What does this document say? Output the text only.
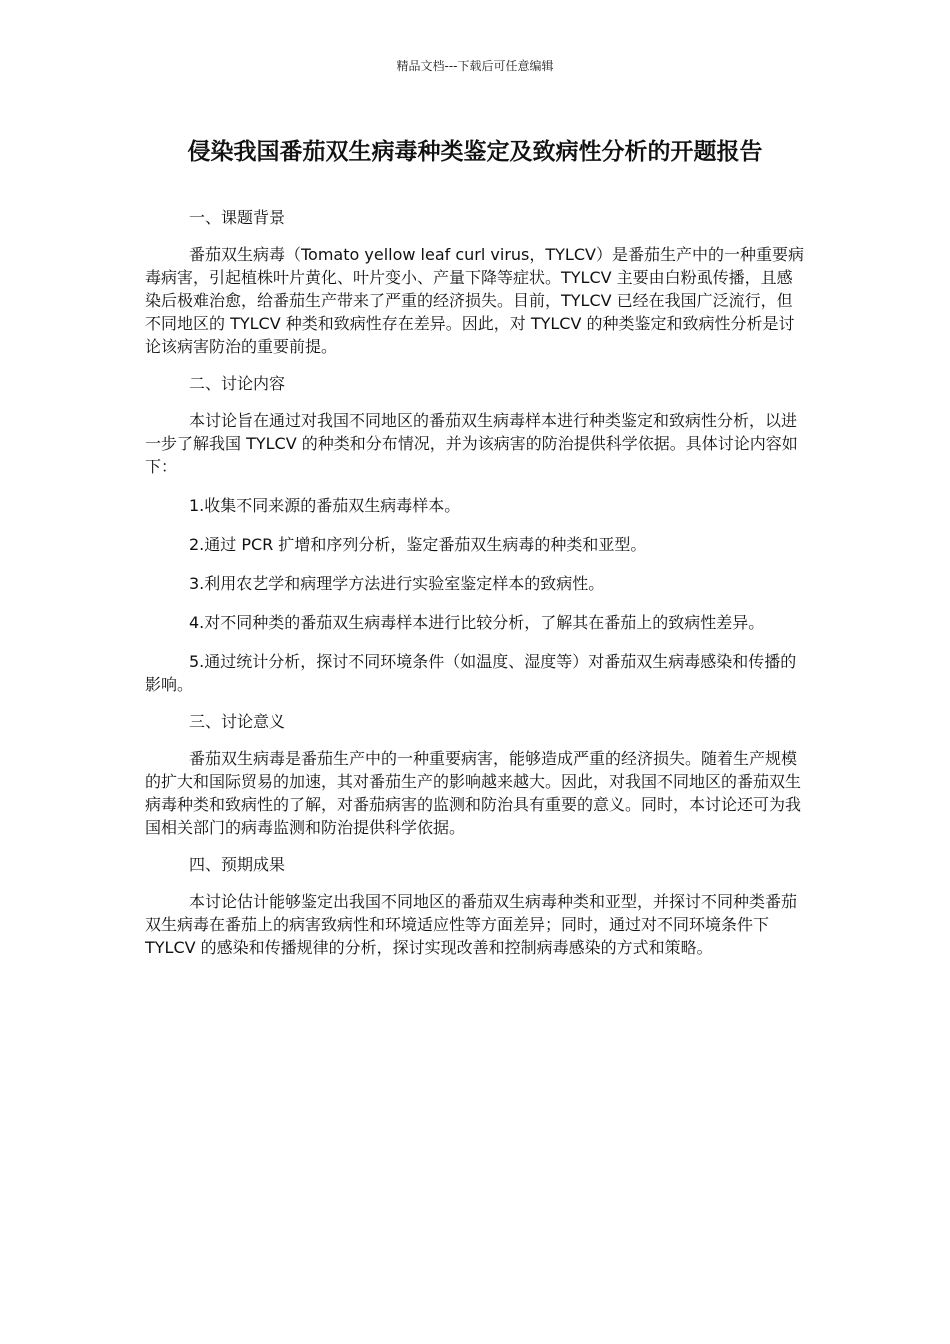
精品文档---下载后可任意编辑
侵染我国番茄双生病毒种类鉴定及致病性分析的开题报告
一、课题背景

番茄双生病毒（Tomato yellow leaf curl virus，TYLCV）是番茄生产中的一种重要病毒病害，引起植株叶片黄化、叶片变小、产量下降等症状。TYLCV 主要由白粉虱传播，且感染后极难治愈，给番茄生产带来了严重的经济损失。目前，TYLCV 已经在我国广泛流行，但不同地区的 TYLCV 种类和致病性存在差异。因此，对 TYLCV 的种类鉴定和致病性分析是讨论该病害防治的重要前提。

二、讨论内容

本讨论旨在通过对我国不同地区的番茄双生病毒样本进行种类鉴定和致病性分析，以进一步了解我国 TYLCV 的种类和分布情况，并为该病害的防治提供科学依据。具体讨论内容如下：

1.收集不同来源的番茄双生病毒样本。

2.通过 PCR 扩增和序列分析，鉴定番茄双生病毒的种类和亚型。

3.利用农艺学和病理学方法进行实验室鉴定样本的致病性。

4.对不同种类的番茄双生病毒样本进行比较分析，了解其在番茄上的致病性差异。

5.通过统计分析，探讨不同环境条件（如温度、湿度等）对番茄双生病毒感染和传播的影响。

三、讨论意义

番茄双生病毒是番茄生产中的一种重要病害，能够造成严重的经济损失。随着生产规模的扩大和国际贸易的加速，其对番茄生产的影响越来越大。因此，对我国不同地区的番茄双生病毒种类和致病性的了解，对番茄病害的监测和防治具有重要的意义。同时，本讨论还可为我国相关部门的病毒监测和防治提供科学依据。

四、预期成果

本讨论估计能够鉴定出我国不同地区的番茄双生病毒种类和亚型，并探讨不同种类番茄双生病毒在番茄上的病害致病性和环境适应性等方面差异；同时，通过对不同环境条件下 TYLCV 的感染和传播规律的分析，探讨实现改善和控制病毒感染的方式和策略。
